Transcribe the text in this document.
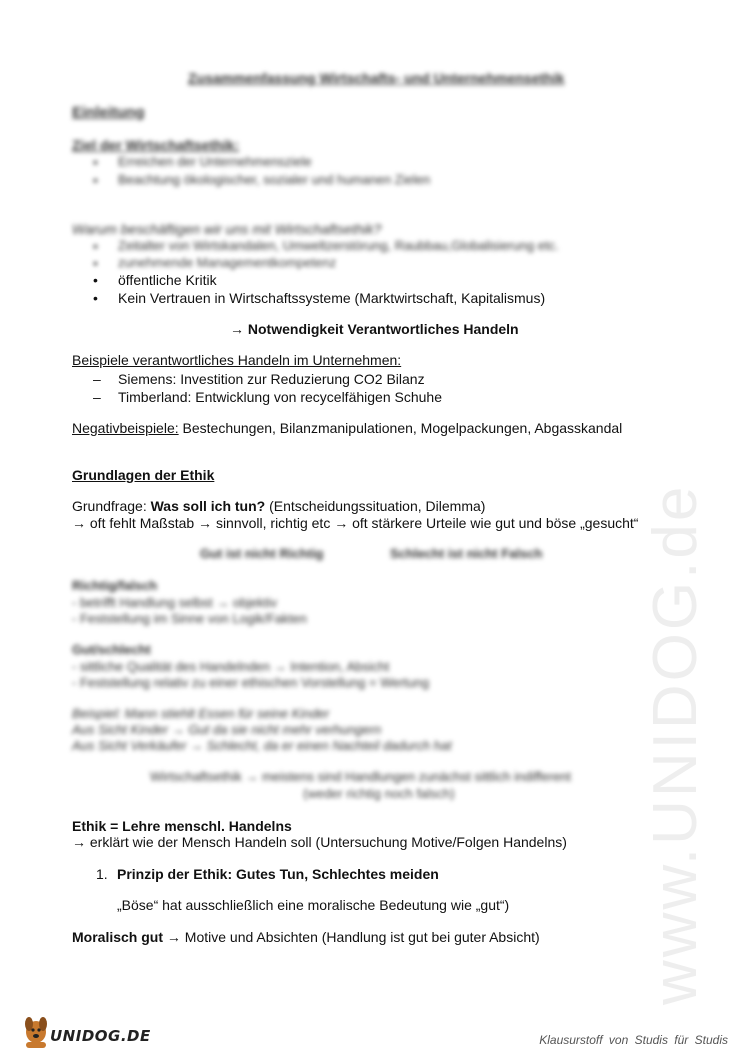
Zusammenfassung Wirtschafts- und Unternehmensethik
Einleitung
Ziel der Wirtschaftsethik:
• Erreichen der Unternehmensziele
• Beachtung ökologischer, sozialer und humanen Zielen
Warum beschäftigen wir uns mit Wirtschaftsethik?
• Zeitalter von Wirtskandalen, Umweltzerstörung, Raubbau,Globalisierung etc.
• zunehmende Managementkompetenz
• öffentliche Kritik
• Kein Vertrauen in Wirtschaftssysteme (Marktwirtschaft, Kapitalismus)
→ Notwendigkeit Verantwortliches Handeln
Beispiele verantwortliches Handeln im Unternehmen:
– Siemens: Investition zur Reduzierung CO2 Bilanz
– Timberland: Entwicklung von recycelfähigen Schuhe
Negativbeispiele: Bestechungen, Bilanzmanipulationen, Mogelpackungen, Abgasskandal
Grundlagen der Ethik
Grundfrage: Was soll ich tun? (Entscheidungssituation, Dilemma)
→ oft fehlt Maßstab → sinnvoll, richtig etc → oft stärkere Urteile wie gut und böse „gesucht“
Gut ist nicht Richtig	Schlecht ist nicht Falsch
Richtig/falsch
- betrifft Handlung selbst → objektiv
- Feststellung im Sinne von Logik/Fakten
Gut/schlecht
- sittliche Qualität des Handelnden → Intention, Absicht
- Feststellung relativ zu einer ethischen Vorstellung = Wertung
Beispiel: Mann stiehlt Essen für seine Kinder
Aus Sicht Kinder → Gut da sie nicht mehr verhungern
Aus Sicht Verkäufer → Schlecht, da er einen Nachteil dadurch hat
Wirtschaftsethik → meistens sind Handlungen zunächst sittlich indifferent
(weder richtig noch falsch)
Ethik = Lehre menschl. Handelns
→ erklärt wie der Mensch Handeln soll (Untersuchung Motive/Folgen Handelns)
1. Prinzip der Ethik: Gutes Tun, Schlechtes meiden
„Böse“ hat ausschließlich eine moralische Bedeutung wie „gut“)
Moralisch gut → Motive und Absichten (Handlung ist gut bei guter Absicht) www.UNIDOG.de
UNIDOG.DE	Klausurstoff von Studis für Studis
